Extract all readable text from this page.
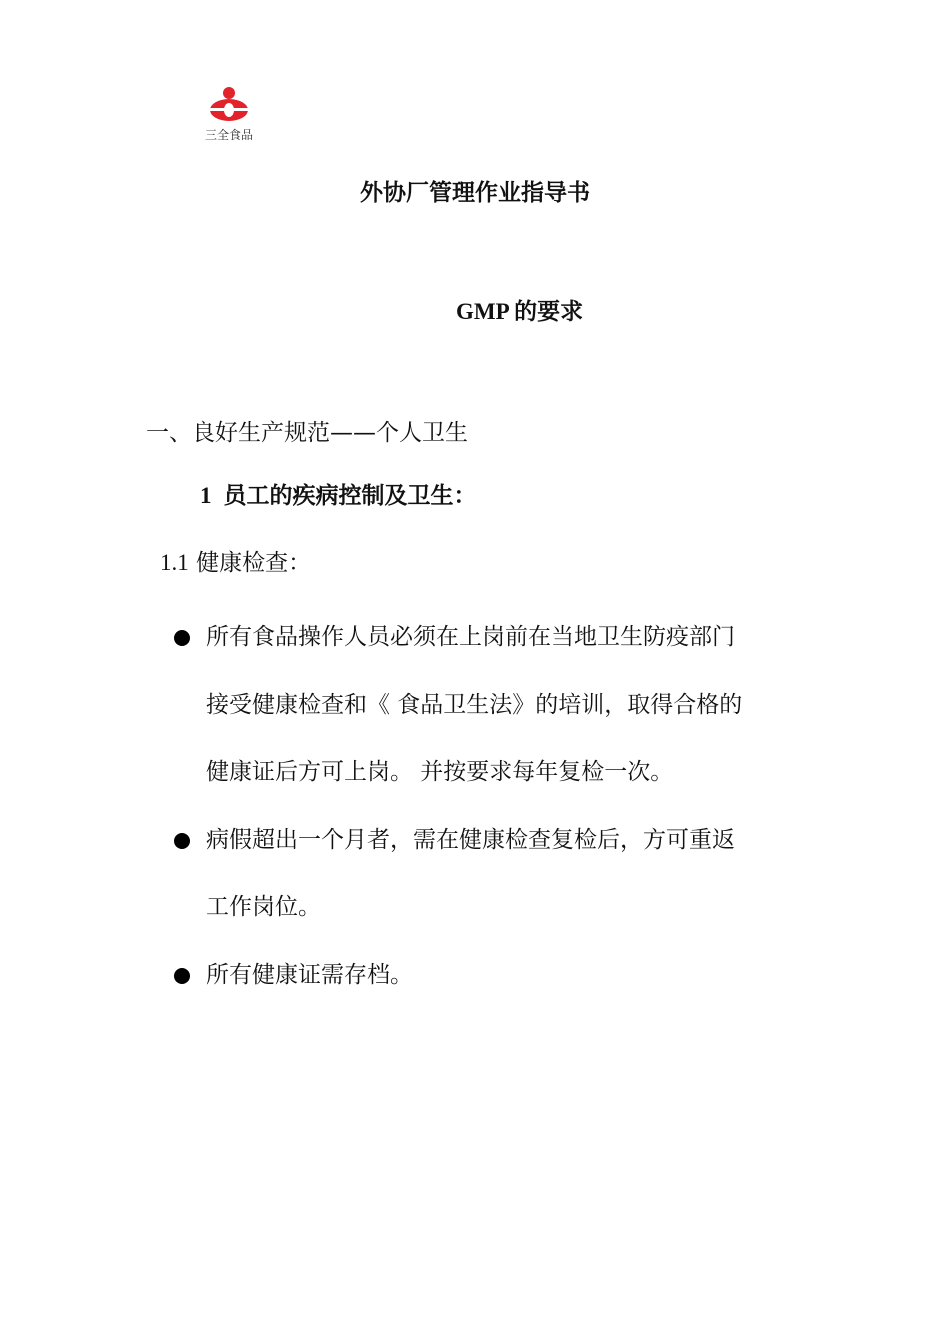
三全食品
外协厂管理作业指导书
GMP 的要求
一、良好生产规范——个人卫生
1 员工的疾病控制及卫生：
1.1 健康检查：
所有食品操作人员必须在上岗前在当地卫生防疫部门
接受健康检查和《 食品卫生法》的培训，取得合格的
健康证后方可上岗。 并按要求每年复检一次。
病假超出一个月者，需在健康检查复检后，方可重返
工作岗位。
所有健康证需存档。
